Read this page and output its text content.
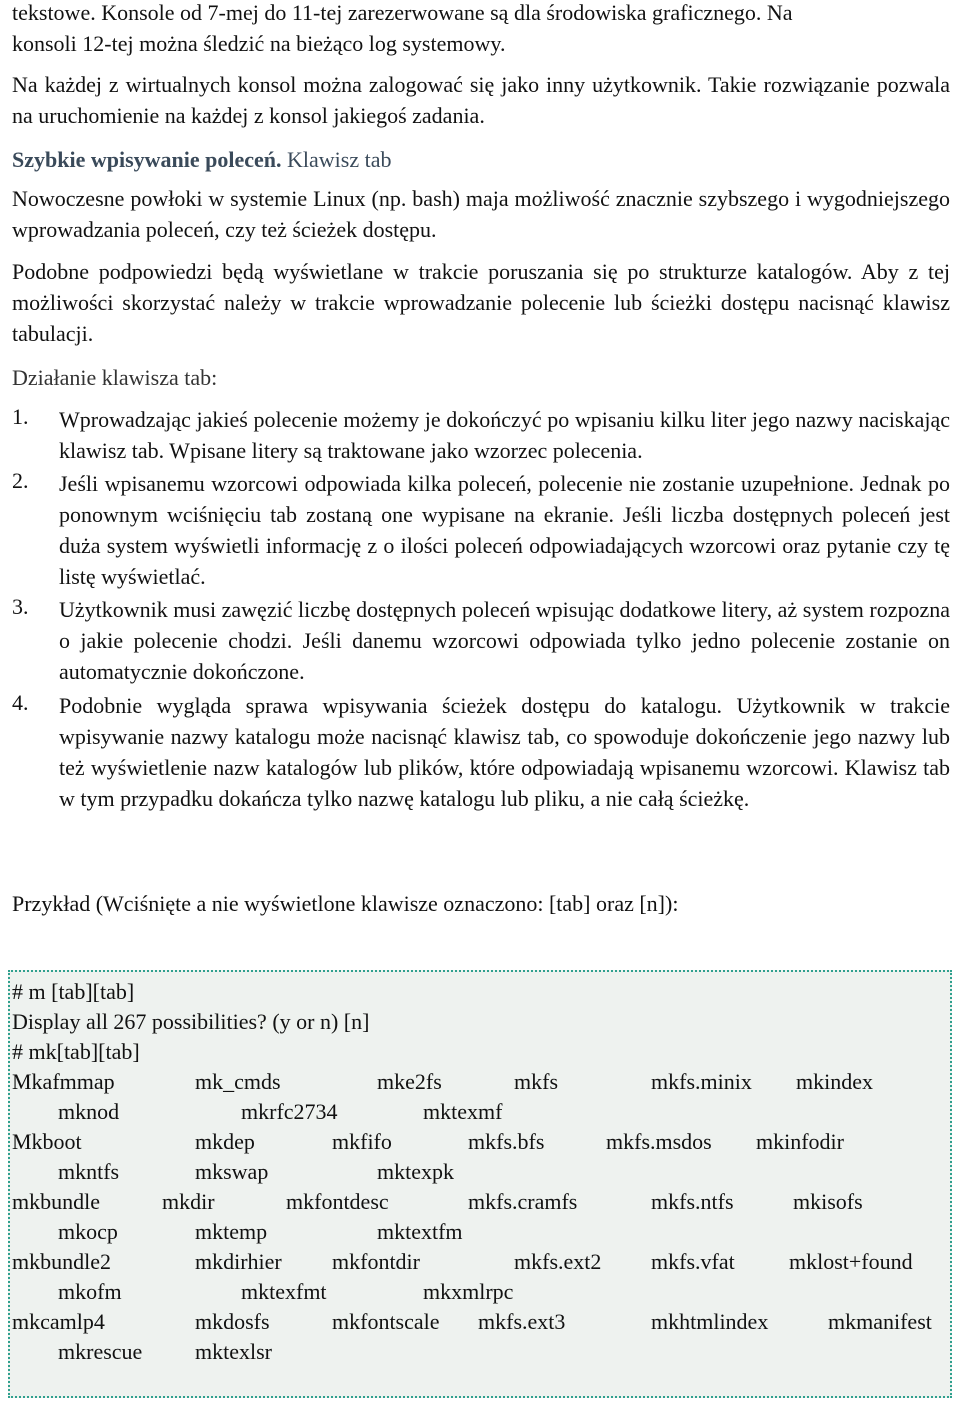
tekstowe. Konsole od 7-mej do 11-tej zarezerwowane są dla środowiska graficznego. Na
konsoli 12-tej można śledzić na bieżąco log systemowy.

Na każdej z wirtualnych konsol można zalogować się jako inny użytkownik. Takie rozwiązanie pozwala na uruchomienie na każdej z konsol jakiegoś zadania.

Szybkie wpisywanie poleceń. Klawisz tab

Nowoczesne powłoki w systemie Linux (np. bash) maja możliwość znacznie szybszego i wygodniejszego wprowadzania poleceń, czy też ścieżek dostępu.

Podobne podpowiedzi będą wyświetlane w trakcie poruszania się po strukturze katalogów. Aby z tej możliwości skorzystać należy w trakcie wprowadzanie polecenie lub ścieżki dostępu nacisnąć klawisz tabulacji.

Działanie klawisza tab:
1.	Wprowadzając jakieś polecenie możemy je dokończyć po wpisaniu kilku liter jego nazwy naciskając klawisz tab. Wpisane litery są traktowane jako wzorzec polecenia.

2.	Jeśli wpisanemu wzorcowi odpowiada kilka poleceń, polecenie nie zostanie uzupełnione. Jednak po ponownym wciśnięciu tab zostaną one wypisane na ekranie. Jeśli liczba dostępnych poleceń jest duża system wyświetli informację z o ilości poleceń odpowiadających wzorcowi oraz pytanie czy tę listę wyświetlać.

3.	Użytkownik musi zawęzić liczbę dostępnych poleceń wpisując dodatkowe litery, aż system rozpozna o jakie polecenie chodzi. Jeśli danemu wzorcowi odpowiada tylko jedno polecenie zostanie on automatycznie dokończone.

4.	Podobnie wygląda sprawa wpisywania ścieżek dostępu do katalogu. Użytkownik w trakcie wpisywanie nazwy katalogu może nacisnąć klawisz tab, co spowoduje dokończenie jego nazwy lub też wyświetlenie nazw katalogów lub plików, które odpowiadają wpisanemu wzorcowi. Klawisz tab w tym przypadku dokańcza tylko nazwę katalogu lub pliku, a nie całą ścieżkę.

Przykład (Wciśnięte a nie wyświetlone klawisze oznaczono: [tab] oraz [n]):
# m [tab][tab]
Display all 267 possibilities? (y or n) [n]
# mk[tab][tab]
Mkafmmap	mk_cmds	mke2fs	mkfs	mkfs.minix mkindex
mknod	mkrfc2734	mktexmf
Mkboot	mkdep	mkfifo	mkfs.bfs	mkfs.msdos mkinfodir
mkntfs	mkswap	mktexpk
mkbundle	mkdir	mkfontdesc	mkfs.cramfs	mkfs.ntfs	mkisofs
mkocp	mktemp	mktextfm
mkbundle2	mkdirhier mkfontdir	mkfs.ext2 mkfs.vfat mklost+found
mkofm	mktexfmt	mkxmlrpc
mkcamlp4	mkdosfs	mkfontscale mkfs.ext3	mkhtmlindex	mkmanifest
mkrescue mktexlsr
